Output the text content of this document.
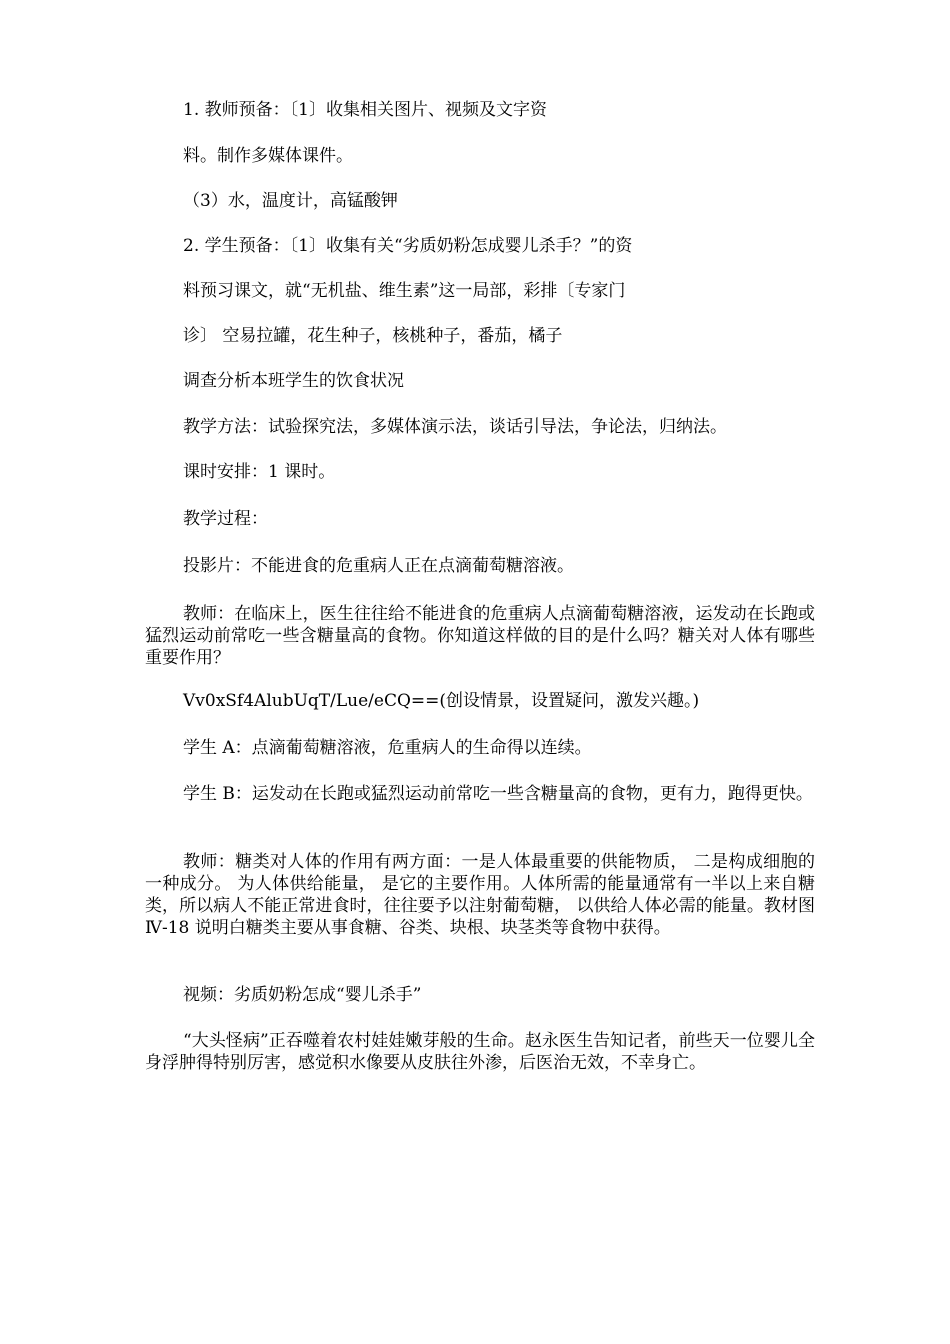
1. 教师预备：〔1〕收集相关图片、视频及文字资
料。制作多媒体课件。
（3）水，温度计，高锰酸钾
2. 学生预备：〔1〕收集有关“劣质奶粉怎成婴儿杀手？”的资
料预习课文，就“无机盐、维生素”这一局部，彩排〔专家门
诊〕 空易拉罐，花生种子，核桃种子，番茄，橘子
调查分析本班学生的饮食状况
教学方法：试验探究法，多媒体演示法，谈话引导法，争论法，归纳法。
课时安排：1 课时。
教学过程：
投影片：不能进食的危重病人正在点滴葡萄糖溶液。
教师：在临床上，医生往往给不能进食的危重病人点滴葡萄糖溶液，运发动在长跑或猛烈运动前常吃一些含糖量高的食物。你知道这样做的目的是什么吗？糖关对人体有哪些重要作用？
Vv0xSf4AlubUqT/Lue/eCQ==(创设情景，设置疑问，激发兴趣。)
学生 A：点滴葡萄糖溶液，危重病人的生命得以连续。
学生 B：运发动在长跑或猛烈运动前常吃一些含糖量高的食物，更有力，跑得更快。
教师：糖类对人体的作用有两方面：一是人体最重要的供能物质， 二是构成细胞的一种成分。 为人体供给能量， 是它的主要作用。人体所需的能量通常有一半以上来自糖类，所以病人不能正常进食时，往往要予以注射葡萄糖， 以供给人体必需的能量。教材图Ⅳ-18 说明白糖类主要从事食糖、谷类、块根、块茎类等食物中获得。
视频：劣质奶粉怎成“婴儿杀手”
“大头怪病”正吞噬着农村娃娃嫩芽般的生命。赵永医生告知记者，前些天一位婴儿全身浮肿得特别厉害，感觉积水像要从皮肤往外渗，后医治无效，不幸身亡。
